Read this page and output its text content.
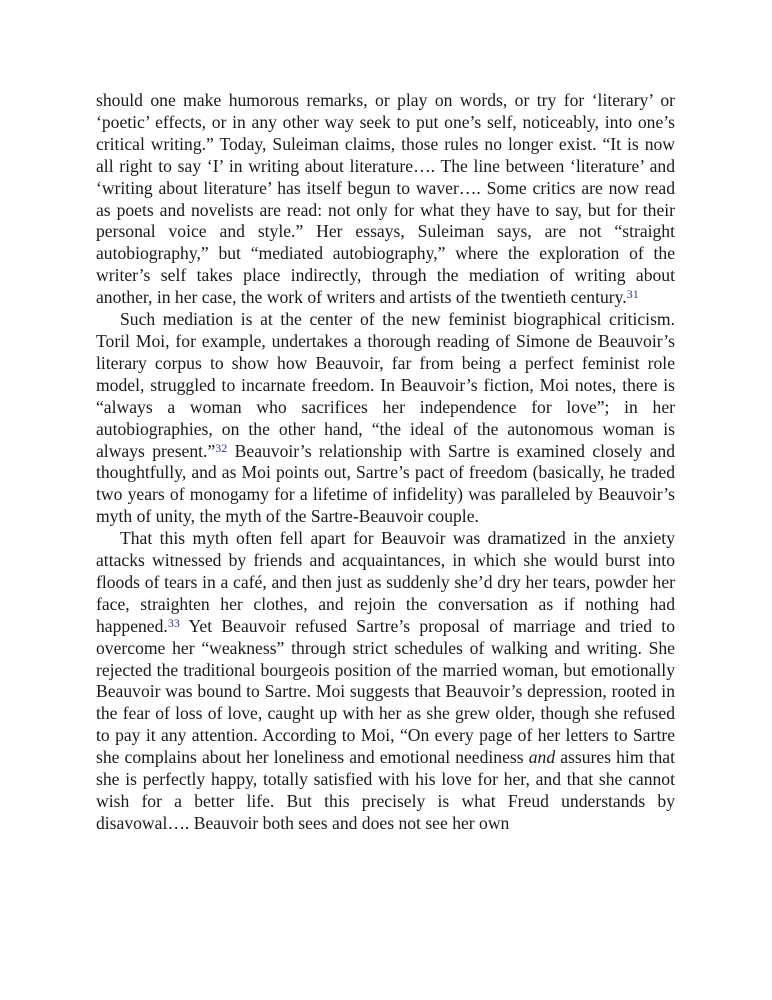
should one make humorous remarks, or play on words, or try for ‘literary’ or ‘poetic’ effects, or in any other way seek to put one’s self, noticeably, into one’s critical writing.” Today, Suleiman claims, those rules no longer exist. “It is now all right to say ‘I’ in writing about literature…. The line between ‘literature’ and ‘writing about literature’ has itself begun to waver…. Some critics are now read as poets and novelists are read: not only for what they have to say, but for their personal voice and style.” Her essays, Suleiman says, are not “straight autobiography,” but “mediated autobiography,” where the exploration of the writer’s self takes place indirectly, through the mediation of writing about another, in her case, the work of writers and artists of the twentieth century.$^{31}$

Such mediation is at the center of the new feminist biographical criticism. Toril Moi, for example, undertakes a thorough reading of Simone de Beauvoir’s literary corpus to show how Beauvoir, far from being a perfect feminist role model, struggled to incarnate freedom. In Beauvoir’s fiction, Moi notes, there is “always a woman who sacrifices her independence for love”; in her autobiographies, on the other hand, “the ideal of the autonomous woman is always present.”$^{32}$ Beauvoir’s relationship with Sartre is examined closely and thoughtfully, and as Moi points out, Sartre’s pact of freedom (basically, he traded two years of monogamy for a lifetime of infidelity) was paralleled by Beauvoir’s myth of unity, the myth of the Sartre-Beauvoir couple.

That this myth often fell apart for Beauvoir was dramatized in the anxiety attacks witnessed by friends and acquaintances, in which she would burst into floods of tears in a café, and then just as suddenly she’d dry her tears, powder her face, straighten her clothes, and rejoin the conversation as if nothing had happened.$^{33}$ Yet Beauvoir refused Sartre’s proposal of marriage and tried to overcome her “weakness” through strict schedules of walking and writing. She rejected the traditional bourgeois position of the married woman, but emotionally Beauvoir was bound to Sartre. Moi suggests that Beauvoir’s depression, rooted in the fear of loss of love, caught up with her as she grew older, though she refused to pay it any attention. According to Moi, “On every page of her letters to Sartre she complains about her loneliness and emotional neediness and assures him that she is perfectly happy, totally satisfied with his love for her, and that she cannot wish for a better life. But this precisely is what Freud understands by disavowal…. Beauvoir both sees and does not see her own
